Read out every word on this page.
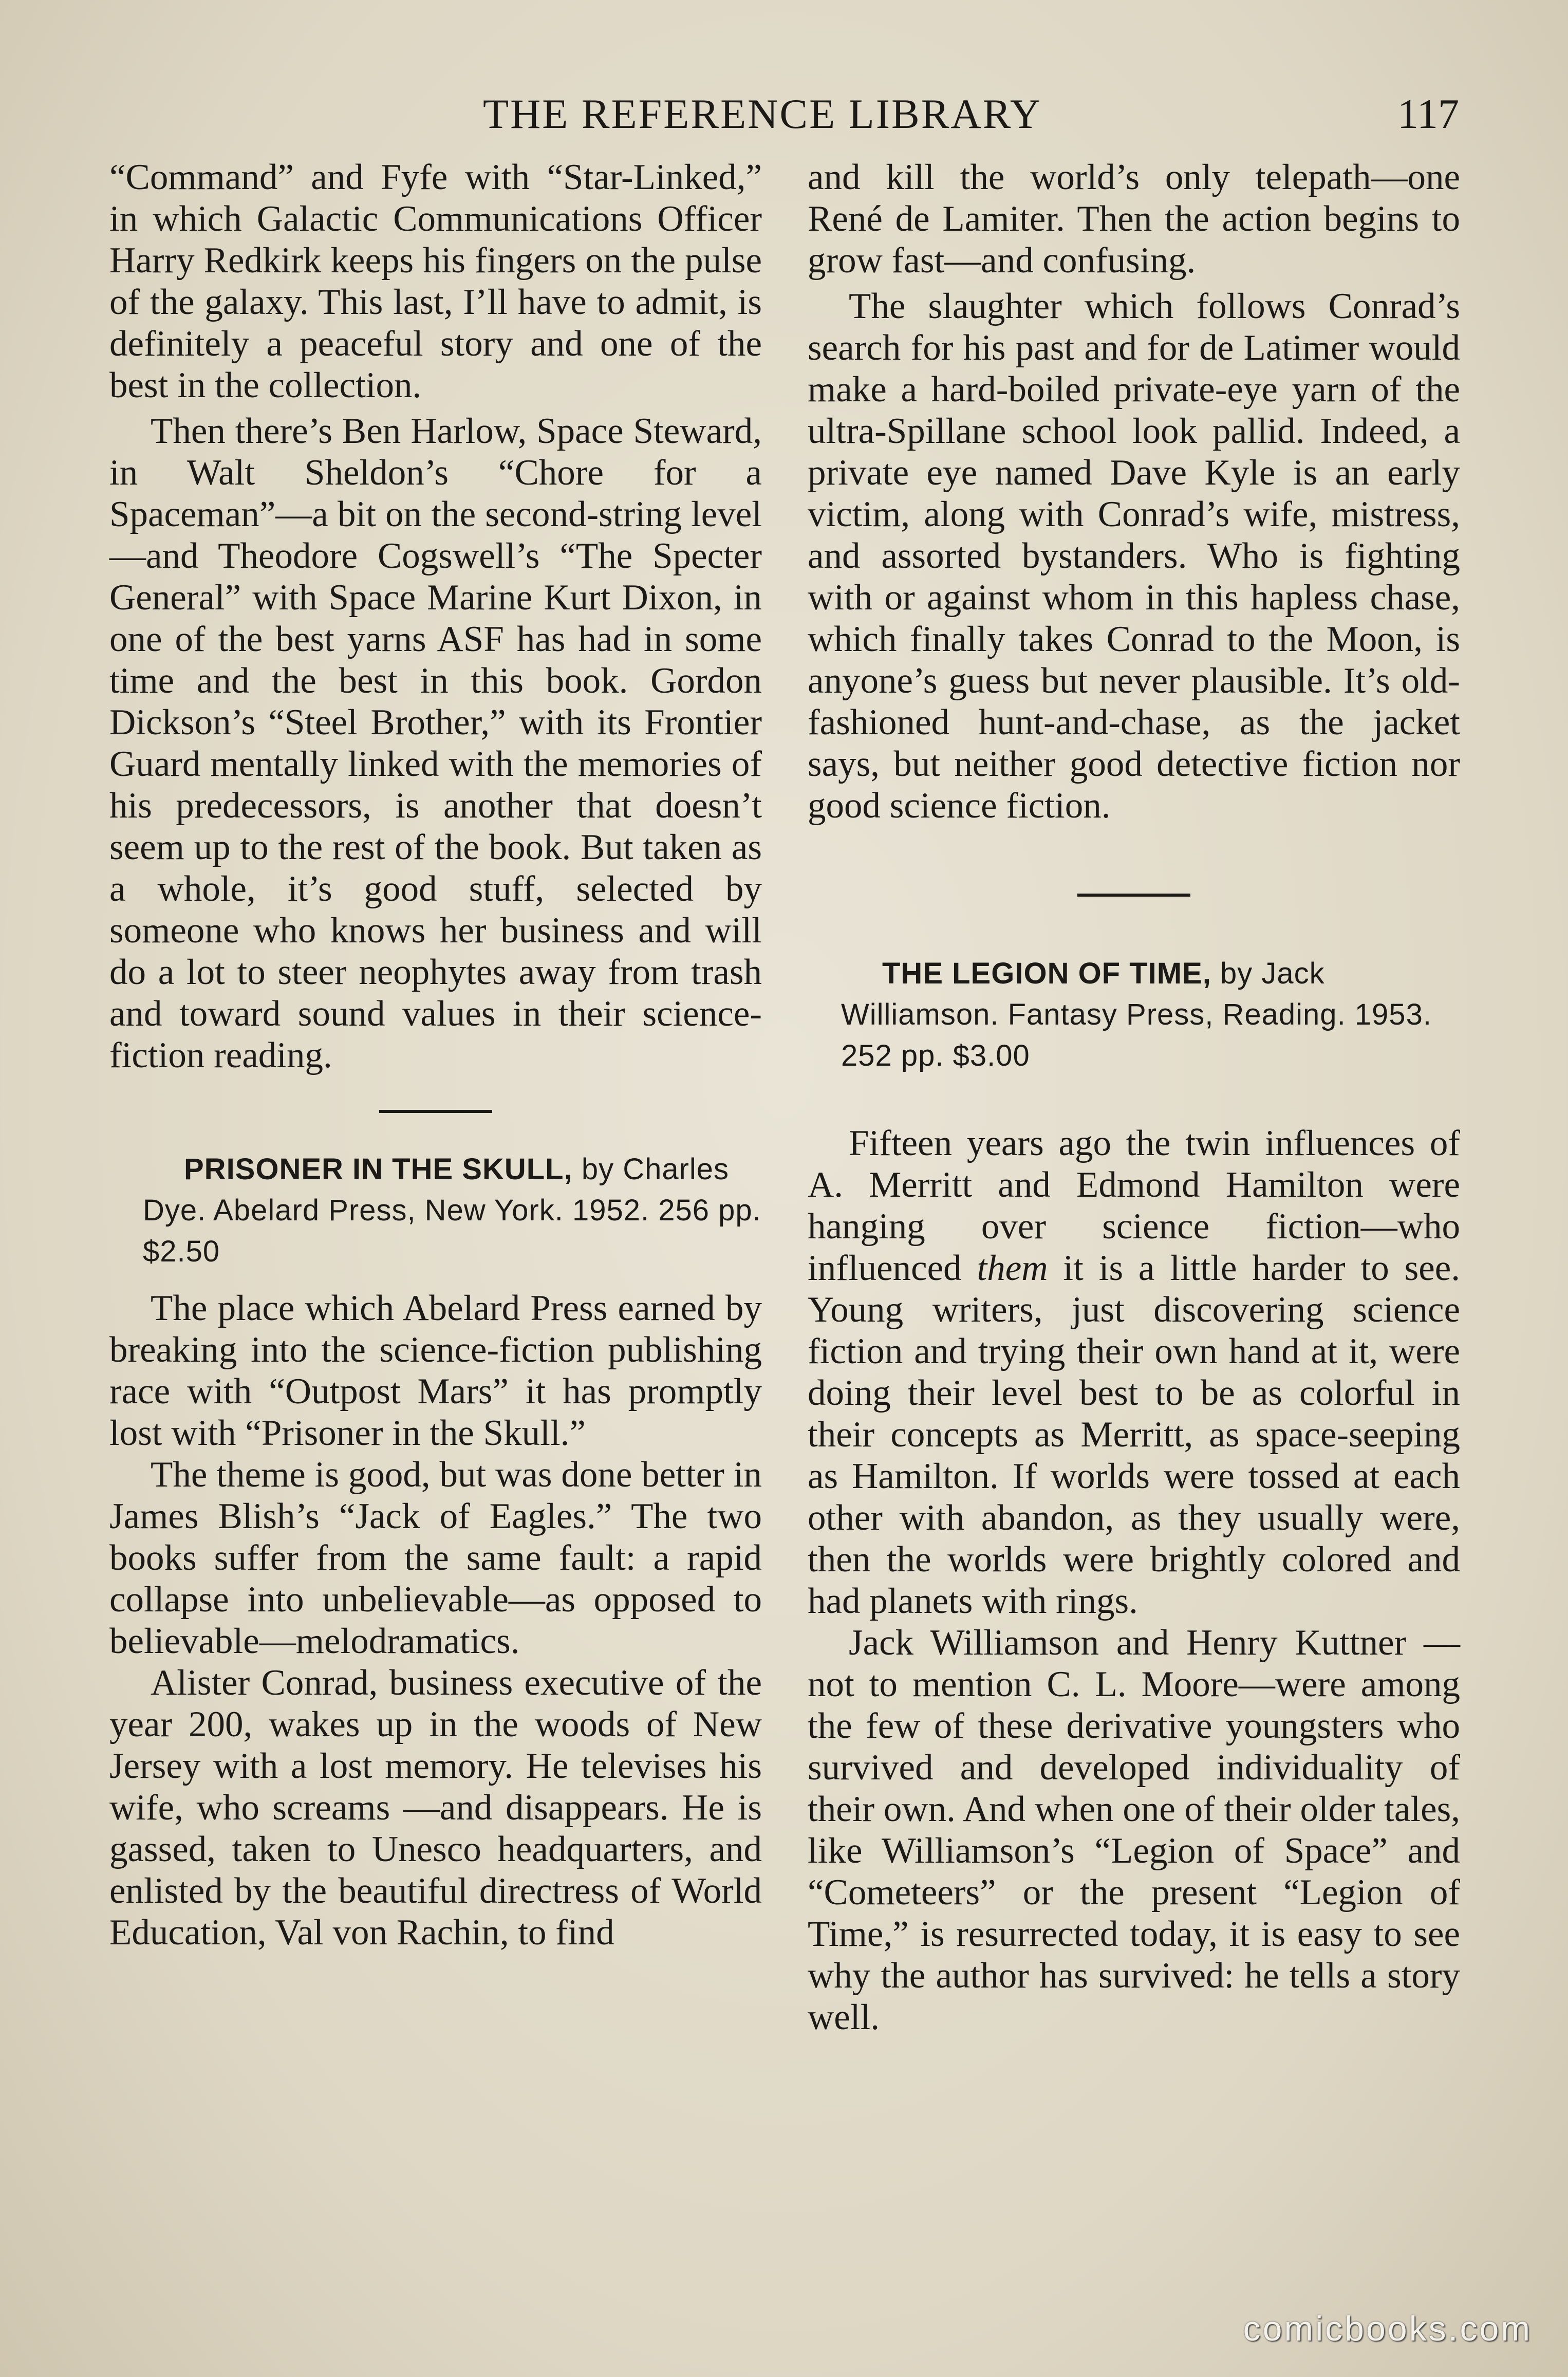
THE REFERENCE LIBRARY	117

“Command” and Fyfe with “Star-Linked,” in which Galactic Communications Officer Harry Redkirk keeps his fingers on the pulse of the galaxy. This last, I’ll have to admit, is definitely a peaceful story and one of the best in the collection.

Then there’s Ben Harlow, Space Steward, in Walt Sheldon’s “Chore for a Spaceman”—a bit on the second-string level—and Theodore Cogswell’s “The Specter General” with Space Marine Kurt Dixon, in one of the best yarns ASF has had in some time and the best in this book. Gordon Dickson’s “Steel Brother,” with its Frontier Guard mentally linked with the memories of his predecessors, is another that doesn’t seem up to the rest of the book. But taken as a whole, it’s good stuff, selected by someone who knows her business and will do a lot to steer neophytes away from trash and toward sound values in their science-fiction reading.

PRISONER IN THE SKULL, by Charles Dye. Abelard Press, New York. 1952. 256 pp. $2.50

The place which Abelard Press earned by breaking into the science-fiction publishing race with “Outpost Mars” it has promptly lost with “Prisoner in the Skull.”

The theme is good, but was done better in James Blish’s “Jack of Eagles.” The two books suffer from the same fault: a rapid collapse into unbelievable—as opposed to believable—melodramatics.

Alister Conrad, business executive of the year 200, wakes up in the woods of New Jersey with a lost memory. He televises his wife, who screams —and disappears. He is gassed, taken to Unesco headquarters, and enlisted by the beautiful directress of World Education, Val von Rachin, to find

and kill the world’s only telepath—one René de Lamiter. Then the action begins to grow fast—and confusing.

The slaughter which follows Conrad’s search for his past and for de Latimer would make a hard-boiled private-eye yarn of the ultra-Spillane school look pallid. Indeed, a private eye named Dave Kyle is an early victim, along with Conrad’s wife, mistress, and assorted bystanders. Who is fighting with or against whom in this hapless chase, which finally takes Conrad to the Moon, is anyone’s guess but never plausible. It’s old-fashioned hunt-and-chase, as the jacket says, but neither good detective fiction nor good science fiction.

THE LEGION OF TIME, by Jack Williamson. Fantasy Press, Reading. 1953. 252 pp. $3.00

Fifteen years ago the twin influences of A. Merritt and Edmond Hamilton were hanging over science fiction—who influenced them it is a little harder to see. Young writers, just discovering science fiction and trying their own hand at it, were doing their level best to be as colorful in their concepts as Merritt, as space-seeping as Hamilton. If worlds were tossed at each other with abandon, as they usually were, then the worlds were brightly colored and had planets with rings.

Jack Williamson and Henry Kuttner —not to mention C. L. Moore—were among the few of these derivative youngsters who survived and developed individuality of their own. And when one of their older tales, like Williamson’s “Legion of Space” and “Cometeers” or the present “Legion of Time,” is resurrected today, it is easy to see why the author has survived: he tells a story well.

comicbooks.com
